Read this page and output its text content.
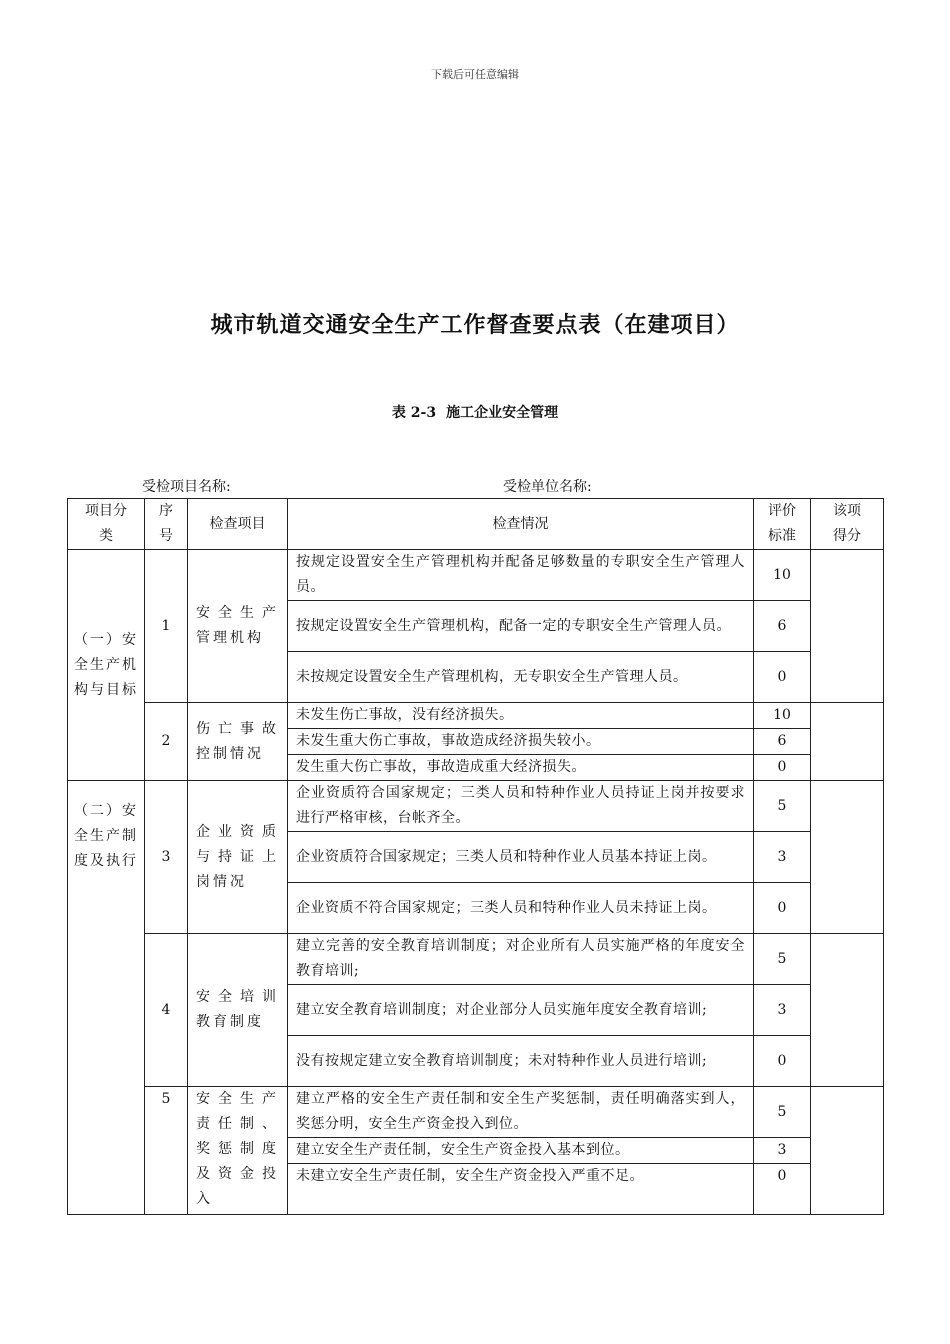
下载后可任意编辑
城市轨道交通安全生产工作督查要点表（在建项目）
表 2-3 施工企业安全管理
受检项目名称:	受检单位名称:
项目分类	序号	检查项目	检查情况	评价标准	该项得分
（一）安全生产机构与目标	1	安全生产管理机构	按规定设置安全生产管理机构并配备足够数量的专职安全生产管理人员。	10	
			按规定设置安全生产管理机构，配备一定的专职安全生产管理人员。	6	
			未按规定设置安全生产管理机构，无专职安全生产管理人员。	0	
	2	伤亡事故控制情况	未发生伤亡事故，没有经济损失。	10	
			未发生重大伤亡事故，事故造成经济损失较小。	6	
			发生重大伤亡事故，事故造成重大经济损失。	0	
（二）安全生产制度及执行	3	企业资质与持证上岗情况	企业资质符合国家规定；三类人员和特种作业人员持证上岗并按要求进行严格审核，台帐齐全。	5	
			企业资质符合国家规定；三类人员和特种作业人员基本持证上岗。	3	
			企业资质不符合国家规定；三类人员和特种作业人员未持证上岗。	0	
	4	安全培训教育制度	建立完善的安全教育培训制度；对企业所有人员实施严格的年度安全教育培训;	5	
			建立安全教育培训制度；对企业部分人员实施年度安全教育培训;	3	
			没有按规定建立安全教育培训制度；未对特种作业人员进行培训;	0	
	5	安全生产责任制、奖惩制度及资金投入	建立严格的安全生产责任制和安全生产奖惩制，责任明确落实到人，奖惩分明，安全生产资金投入到位。	5	
			建立安全生产责任制，安全生产资金投入基本到位。	3	
			未建立安全生产责任制，安全生产资金投入严重不足。	0	
